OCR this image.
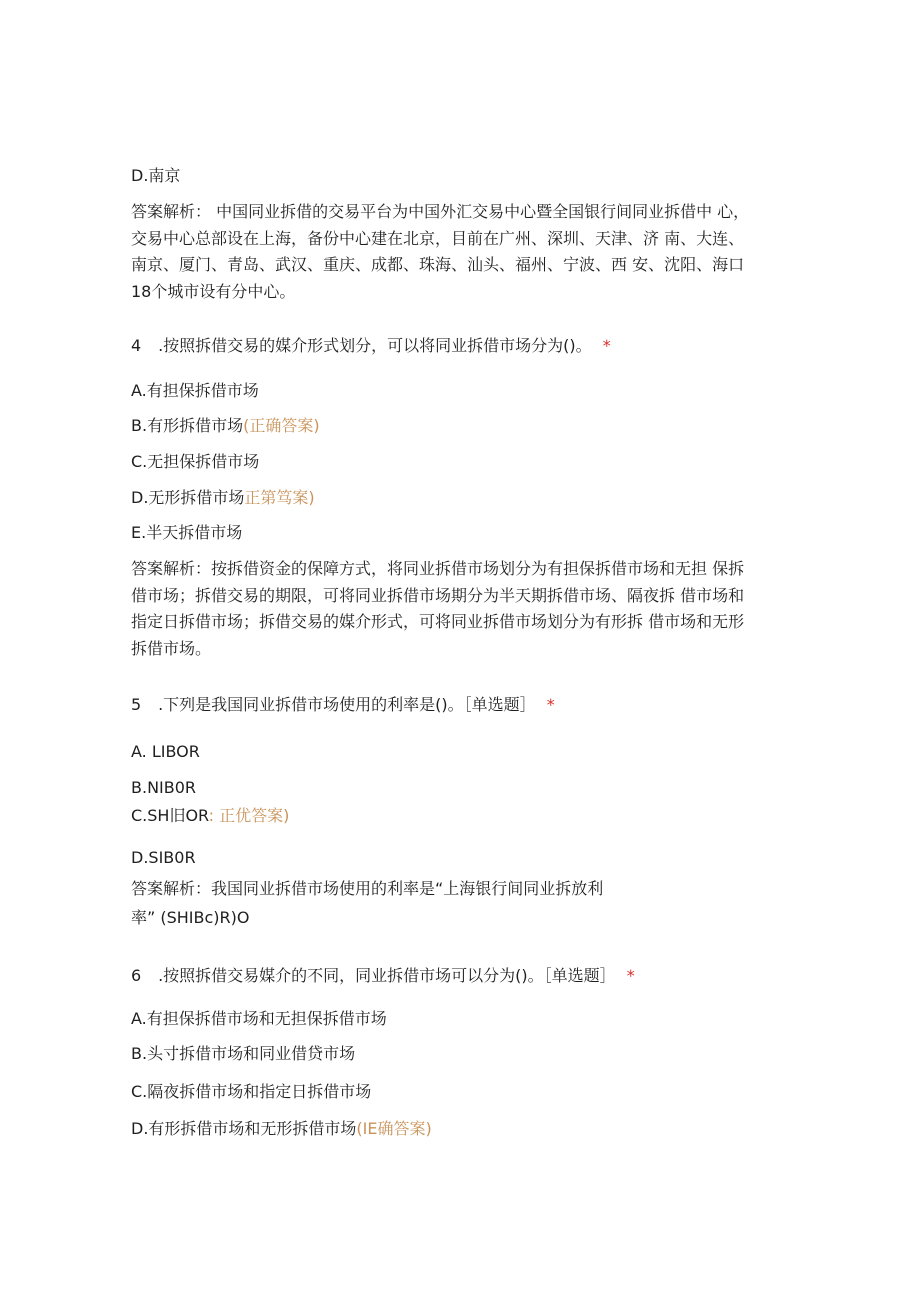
D.南京
答案解析： 中国同业拆借的交易平台为中国外汇交易中心暨全国银行间同业拆借中 心，
交易中心总部设在上海，备份中心建在北京，目前在广州、深圳、天津、济 南、大连、
南京、厦门、青岛、武汉、重庆、成都、珠海、汕头、福州、宁波、西 安、沈阳、海口
18个城市设有分中心。
4 .按照拆借交易的媒介形式划分，可以将同业拆借市场分为()。 *
A.有担保拆借市场
B.有形拆借市场(正确答案)
C.无担保拆借市场
D.无形拆借市场正第笃案)
E.半天拆借市场
答案解析：按拆借资金的保障方式，将同业拆借市场划分为有担保拆借市场和无担 保拆
借市场；拆借交易的期限，可将同业拆借市场期分为半天期拆借市场、隔夜拆 借市场和
指定日拆借市场；拆借交易的媒介形式，可将同业拆借市场划分为有形拆 借市场和无形
拆借市场。
5 .下列是我国同业拆借市场使用的利率是()。［单选题］ *
A. LIBOR
B.NIB0R
C.SH旧OR: 正优答案)
D.SIB0R
答案解析：我国同业拆借市场使用的利率是“上海银行间同业拆放利
率” (SHIBc)R)O
6 .按照拆借交易媒介的不同，同业拆借市场可以分为()。［单选题］ *
A.有担保拆借市场和无担保拆借市场
B.头寸拆借市场和同业借贷市场
C.隔夜拆借市场和指定日拆借市场
D.有形拆借市场和无形拆借市场(IE确答案)
